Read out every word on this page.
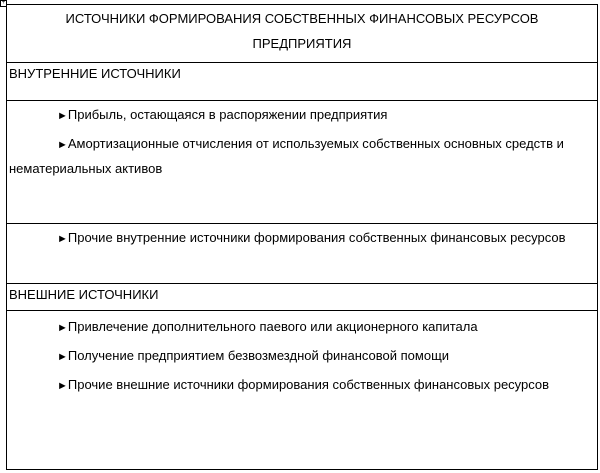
+
ИСТОЧНИКИ ФОРМИРОВАНИЯ СОБСТВЕННЫХ ФИНАНСОВЫХ РЕСУРСОВ
ПРЕДПРИЯТИЯ
ВНУТРЕННИЕ ИСТОЧНИКИ

►Прибыль, остающаяся в распоряжении предприятия

►Амортизационные отчисления от используемых собственных основных средств и нематериальных активов

►Прочие внутренние источники формирования собственных финансовых ресурсов

ВНЕШНИЕ ИСТОЧНИКИ

►Привлечение дополнительного паевого или акционерного капитала

►Получение предприятием безвозмездной финансовой помощи

►Прочие внешние источники формирования собственных финансовых ресурсов
